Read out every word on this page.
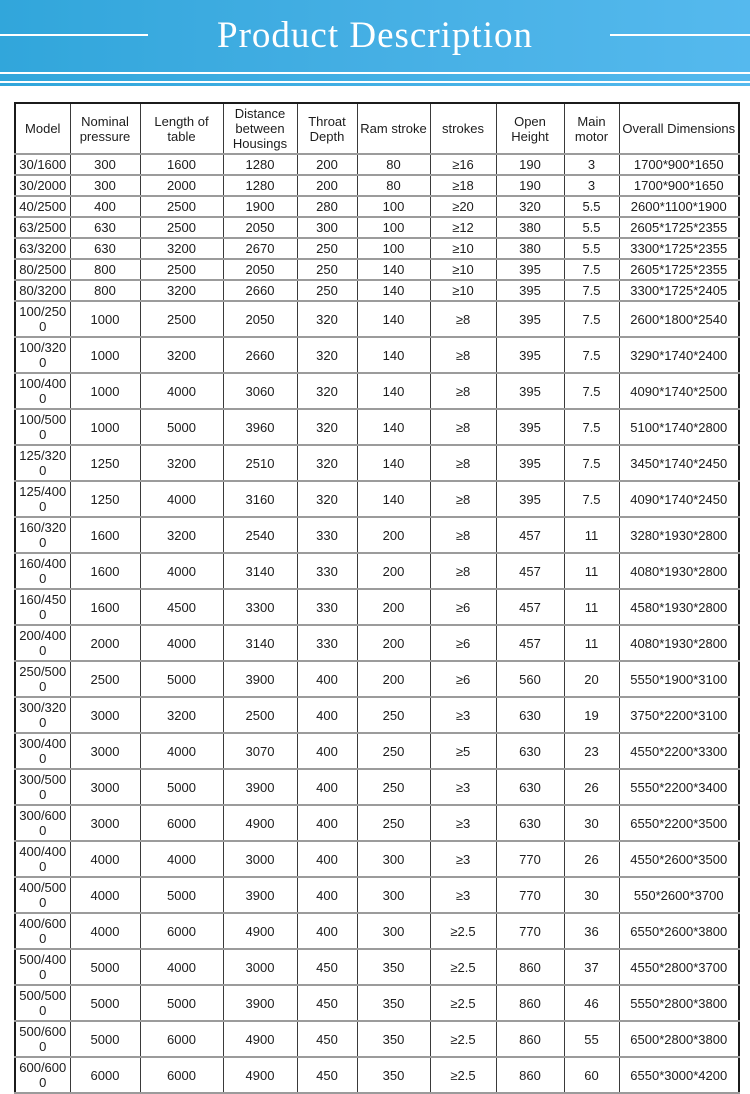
Product Description
Model	Nominal pressure	Length of table	Distance between Housings	Throat Depth	Ram stroke	strokes	Open Height	Main motor	Overall Dimensions
30/1600	300	1600	1280	200	80	≥16	190	3	1700*900*1650
30/2000	300	2000	1280	200	80	≥18	190	3	1700*900*1650
40/2500	400	2500	1900	280	100	≥20	320	5.5	2600*1100*1900
63/2500	630	2500	2050	300	100	≥12	380	5.5	2605*1725*2355
63/3200	630	3200	2670	250	100	≥10	380	5.5	3300*1725*2355
80/2500	800	2500	2050	250	140	≥10	395	7.5	2605*1725*2355
80/3200	800	3200	2660	250	140	≥10	395	7.5	3300*1725*2405
100/2500	1000	2500	2050	320	140	≥8	395	7.5	2600*1800*2540
100/3200	1000	3200	2660	320	140	≥8	395	7.5	3290*1740*2400
100/4000	1000	4000	3060	320	140	≥8	395	7.5	4090*1740*2500
100/5000	1000	5000	3960	320	140	≥8	395	7.5	5100*1740*2800
125/3200	1250	3200	2510	320	140	≥8	395	7.5	3450*1740*2450
125/4000	1250	4000	3160	320	140	≥8	395	7.5	4090*1740*2450
160/3200	1600	3200	2540	330	200	≥8	457	11	3280*1930*2800
160/4000	1600	4000	3140	330	200	≥8	457	11	4080*1930*2800
160/4500	1600	4500	3300	330	200	≥6	457	11	4580*1930*2800
200/4000	2000	4000	3140	330	200	≥6	457	11	4080*1930*2800
250/5000	2500	5000	3900	400	200	≥6	560	20	5550*1900*3100
300/3200	3000	3200	2500	400	250	≥3	630	19	3750*2200*3100
300/4000	3000	4000	3070	400	250	≥5	630	23	4550*2200*3300
300/5000	3000	5000	3900	400	250	≥3	630	26	5550*2200*3400
300/6000	3000	6000	4900	400	250	≥3	630	30	6550*2200*3500
400/4000	4000	4000	3000	400	300	≥3	770	26	4550*2600*3500
400/5000	4000	5000	3900	400	300	≥3	770	30	550*2600*3700
400/6000	4000	6000	4900	400	300	≥2.5	770	36	6550*2600*3800
500/4000	5000	4000	3000	450	350	≥2.5	860	37	4550*2800*3700
500/5000	5000	5000	3900	450	350	≥2.5	860	46	5550*2800*3800
500/6000	5000	6000	4900	450	350	≥2.5	860	55	6500*2800*3800
600/6000	6000	6000	4900	450	350	≥2.5	860	60	6550*3000*4200
